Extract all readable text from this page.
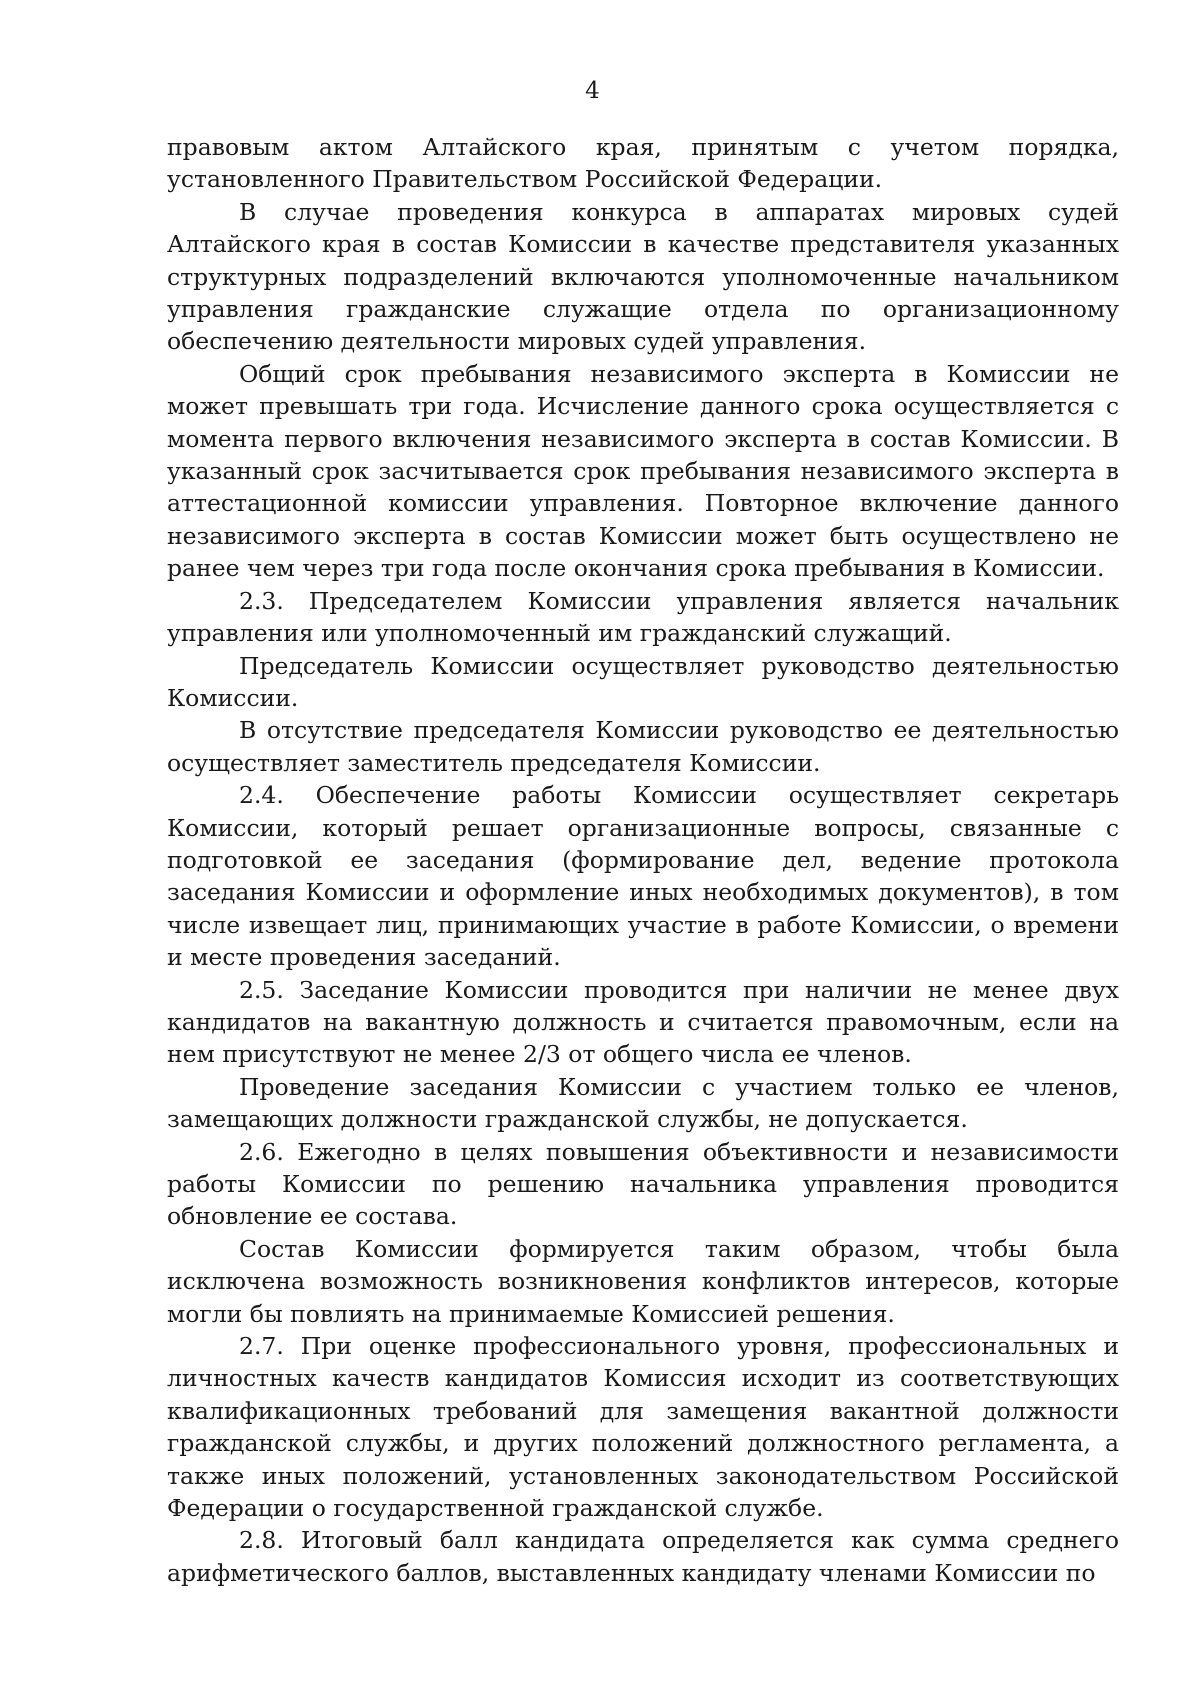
4

правовым актом Алтайского края, принятым с учетом порядка, установленного Правительством Российской Федерации.

В случае проведения конкурса в аппаратах мировых судей Алтайского края в состав Комиссии в качестве представителя указанных структурных подразделений включаются уполномоченные начальником управления гражданские служащие отдела по организационному обеспечению деятельности мировых судей управления.

Общий срок пребывания независимого эксперта в Комиссии не может превышать три года. Исчисление данного срока осуществляется с момента первого включения независимого эксперта в состав Комиссии. В указанный срок засчитывается срок пребывания независимого эксперта в аттестационной комиссии управления. Повторное включение данного независимого эксперта в состав Комиссии может быть осуществлено не ранее чем через три года после окончания срока пребывания в Комиссии.

2.3. Председателем Комиссии управления является начальник управления или уполномоченный им гражданский служащий.

Председатель Комиссии осуществляет руководство деятельностью Комиссии.

В отсутствие председателя Комиссии руководство ее деятельностью осуществляет заместитель председателя Комиссии.

2.4. Обеспечение работы Комиссии осуществляет секретарь Комиссии, который решает организационные вопросы, связанные с подготовкой ее заседания (формирование дел, ведение протокола заседания Комиссии и оформление иных необходимых документов), в том числе извещает лиц, принимающих участие в работе Комиссии, о времени и месте проведения заседаний.

2.5. Заседание Комиссии проводится при наличии не менее двух кандидатов на вакантную должность и считается правомочным, если на нем присутствуют не менее 2/3 от общего числа ее членов.

Проведение заседания Комиссии с участием только ее членов, замещающих должности гражданской службы, не допускается.

2.6. Ежегодно в целях повышения объективности и независимости работы Комиссии по решению начальника управления проводится обновление ее состава.

Состав Комиссии формируется таким образом, чтобы была исключена возможность возникновения конфликтов интересов, которые могли бы повлиять на принимаемые Комиссией решения.

2.7. При оценке профессионального уровня, профессиональных и личностных качеств кандидатов Комиссия исходит из соответствующих квалификационных требований для замещения вакантной должности гражданской службы, и других положений должностного регламента, а также иных положений, установленных законодательством Российской Федерации о государственной гражданской службе.

2.8. Итоговый балл кандидата определяется как сумма среднего арифметического баллов, выставленных кандидату членами Комиссии по
